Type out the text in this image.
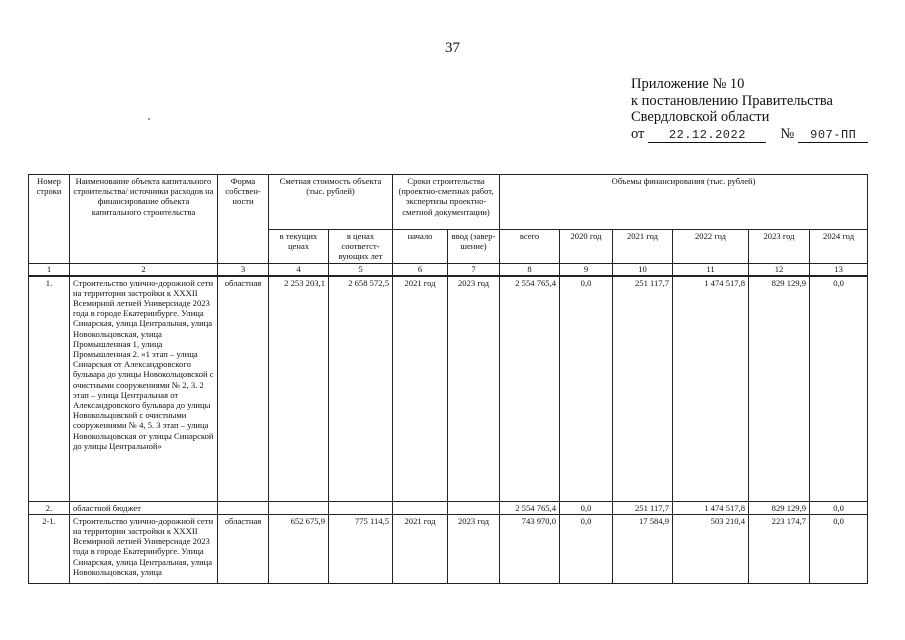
37
Приложение № 10
к постановлению Правительства
Свердловской области
от 22.12.2022 № 907-ПП
Номер строки	Наименование объекта капитального строительства/ источники расходов на финансирование объекта капитального строительства	Форма собствен-ности	Сметная стоимость объекта (тыс. рублей)		Сроки строительства (проектно-сметных работ, экспертизы проектно-сметной документации)		Объемы финансирования (тыс. рублей)					
			в текущих ценах	в ценах соответст-вующих лет	начало	ввод (завер-шение)	всего	2020 год	2021 год	2022 год	2023 год	2024 год
1	2	3	4	5	6	7	8	9	10	11	12	13
1.	Строительство улично-дорожной сети на территории застройки к XXXII Всемирной летней Универсиаде 2023 года в городе Екатеринбурге. Улица Синарская, улица Центральная, улица Новокольцовская, улица Промышленная 1, улица Промышленная 2. «1 этап – улица Синарская от Александровского бульвара до улицы Новокольцовской с очистными сооружениями № 2, 3. 2 этап – улица Центральная от Александровского бульвара до улицы Новокольцовской с очистными сооружениями № 4, 5. 3 этап – улица Новокольцовская от улицы Синарской до улицы Центральной»	областная	2 253 203,1	2 658 572,5	2021 год	2023 год	2 554 765,4	0,0	251 117,7	1 474 517,8	829 129,9	0,0
2.	областной бюджет						2 554 765,4	0,0	251 117,7	1 474 517,8	829 129,9	0,0
2-1.	Строительство улично-дорожной сети на территории застройки к XXXII Всемирной летней Универсиаде 2023 года в городе Екатеринбурге. Улица Синарская, улица Центральная, улица Новокольцовская, улица	областная	652 675,9	775 114,5	2021 год	2023 год	743 970,0	0,0	17 584,9	503 210,4	223 174,7	0,0
